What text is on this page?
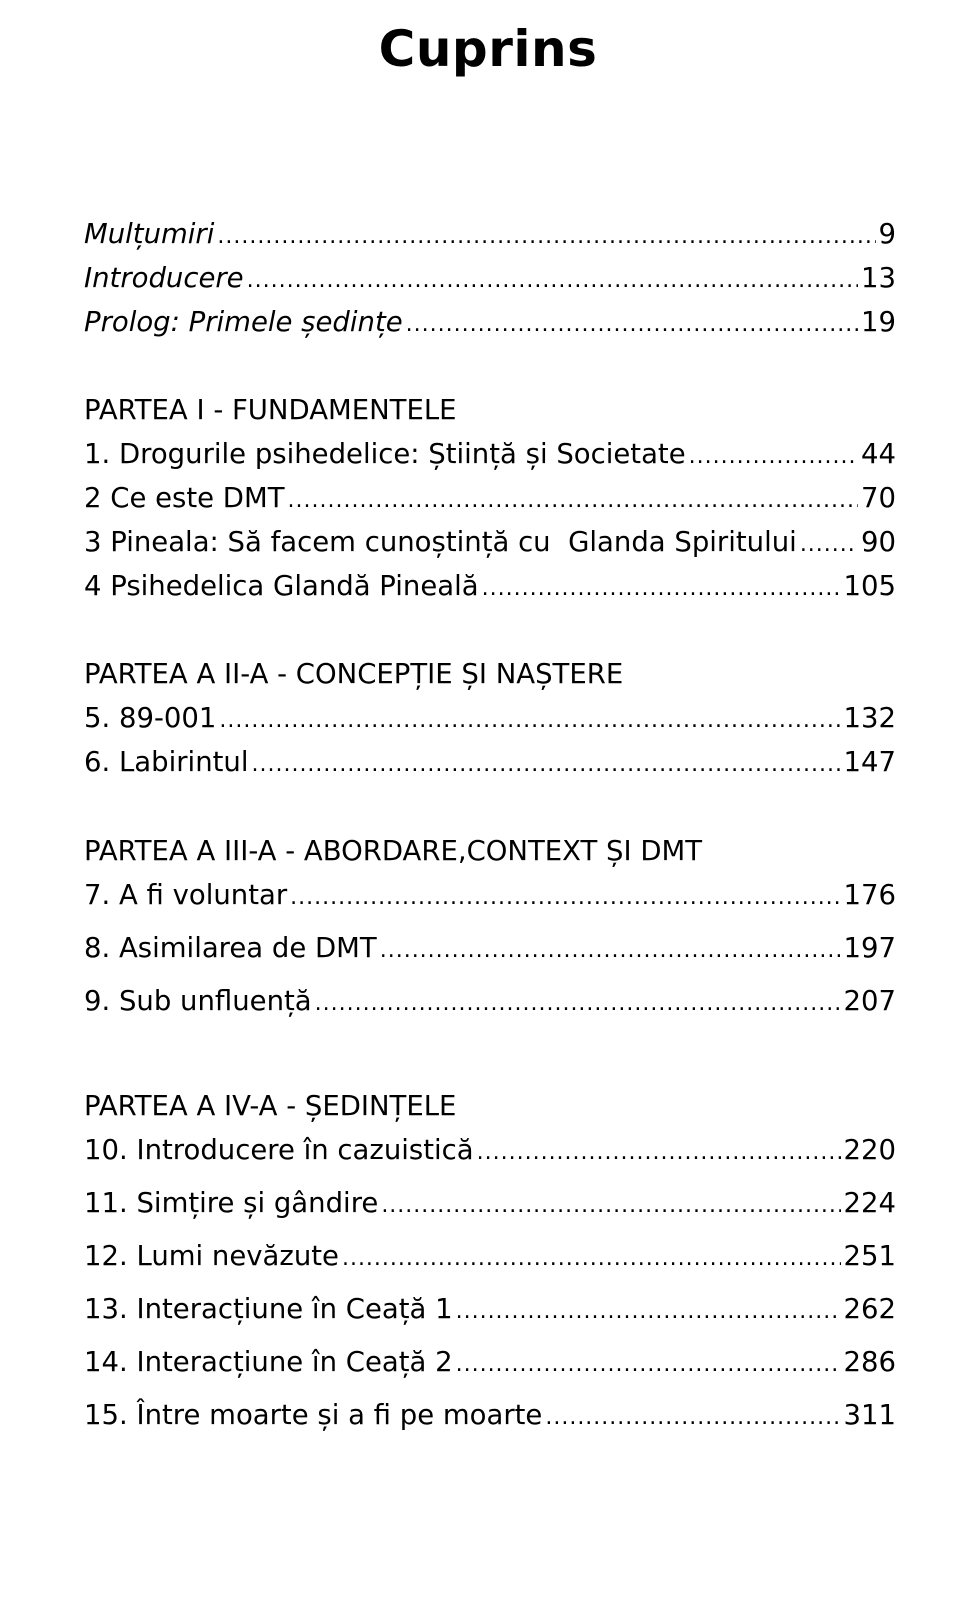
Cuprins
Mulțumiri .....	9
Introducere .....	13
Prolog: Primele ședințe .....	19
PARTEA I - FUNDAMENTELE
1. Drogurile psihedelice: Știință și Societate .....	44
2 Ce este DMT .....	70
3 Pineala: Să facem cunoștință cu  Glanda Spiritului ..... 90
4 Psihedelica Glandă Pineală .....	105
PARTEA A II-A - CONCEPȚIE ȘI NAȘTERE
5. 89-001 .....	132
6. Labirintul .....	147
PARTEA A III-A - ABORDARE,CONTEXT ȘI DMT
7. A fi voluntar .....	176
8. Asimilarea de DMT .....	197
9. Sub unfluență .....	207
PARTEA A IV-A - ȘEDINȚELE
10. Introducere în cazuistică .....	220
11. Simțire și gândire .....	224
12. Lumi nevăzute .....	251
13. Interacțiune în Ceață 1 .....	262
14. Interacțiune în Ceață 2 .....	286
15. Între moarte și a fi pe moarte .....	311
